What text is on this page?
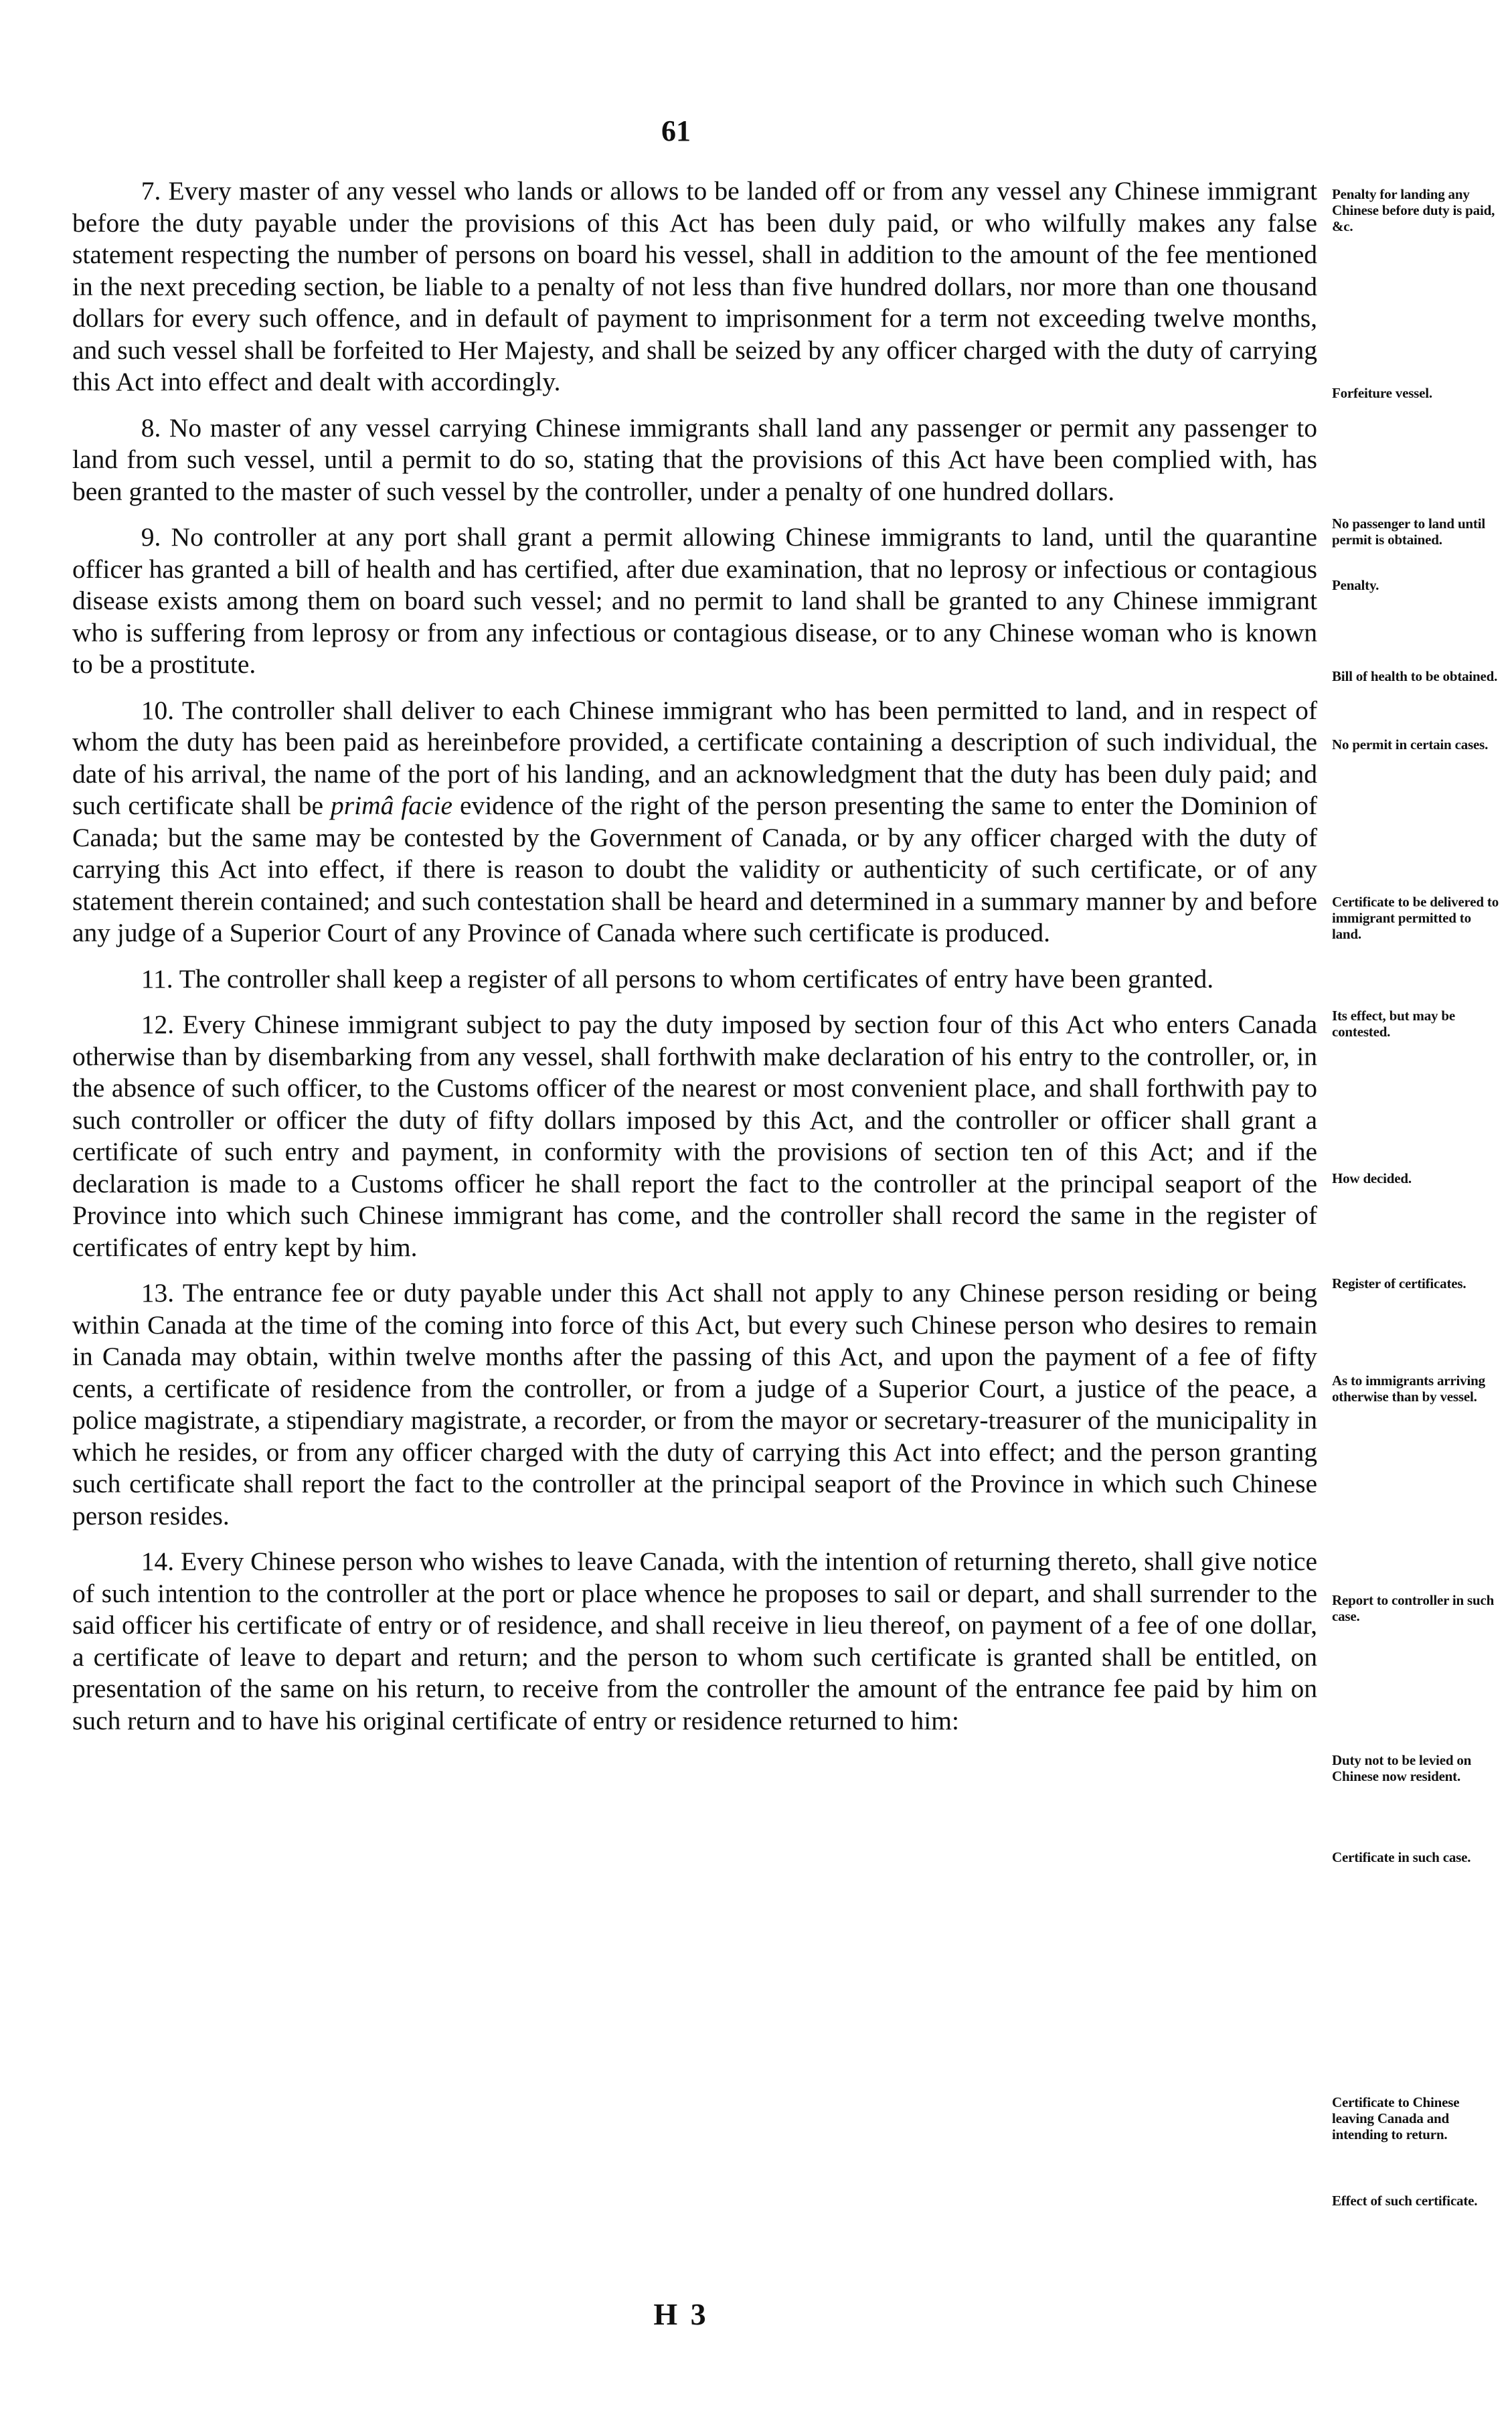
61

7. Every master of any vessel who lands or allows to be landed off or from any vessel any Chinese immigrant before the duty payable under the provisions of this Act has been duly paid, or who wilfully makes any false statement respecting the number of persons on board his vessel, shall in addition to the amount of the fee mentioned in the next preceding section, be liable to a penalty of not less than five hundred dollars, nor more than one thousand dollars for every such offence, and in default of payment to imprisonment for a term not exceeding twelve months, and such vessel shall be forfeited to Her Majesty, and shall be seized by any officer charged with the duty of carrying this Act into effect and dealt with accordingly.

8. No master of any vessel carrying Chinese immigrants shall land any passenger or permit any passenger to land from such vessel, until a permit to do so, stating that the provisions of this Act have been complied with, has been granted to the master of such vessel by the controller, under a penalty of one hundred dollars.

9. No controller at any port shall grant a permit allowing Chinese immigrants to land, until the quarantine officer has granted a bill of health and has certified, after due examination, that no leprosy or infectious or contagious disease exists among them on board such vessel; and no permit to land shall be granted to any Chinese immigrant who is suffering from leprosy or from any infectious or contagious disease, or to any Chinese woman who is known to be a prostitute.

10. The controller shall deliver to each Chinese immigrant who has been permitted to land, and in respect of whom the duty has been paid as hereinbefore provided, a certificate containing a description of such individual, the date of his arrival, the name of the port of his landing, and an acknowledgment that the duty has been duly paid; and such certificate shall be primâ facie evidence of the right of the person presenting the same to enter the Dominion of Canada; but the same may be contested by the Government of Canada, or by any officer charged with the duty of carrying this Act into effect, if there is reason to doubt the validity or authenticity of such certificate, or of any statement therein contained; and such contestation shall be heard and determined in a summary manner by and before any judge of a Superior Court of any Province of Canada where such certificate is produced.

11. The controller shall keep a register of all persons to whom certificates of entry have been granted.

12. Every Chinese immigrant subject to pay the duty imposed by section four of this Act who enters Canada otherwise than by disembarking from any vessel, shall forthwith make declaration of his entry to the controller, or, in the absence of such officer, to the Customs officer of the nearest or most convenient place, and shall forthwith pay to such controller or officer the duty of fifty dollars imposed by this Act, and the controller or officer shall grant a certificate of such entry and payment, in conformity with the provisions of section ten of this Act; and if the declaration is made to a Customs officer he shall report the fact to the controller at the principal seaport of the Province into which such Chinese immigrant has come, and the controller shall record the same in the register of certificates of entry kept by him.

13. The entrance fee or duty payable under this Act shall not apply to any Chinese person residing or being within Canada at the time of the coming into force of this Act, but every such Chinese person who desires to remain in Canada may obtain, within twelve months after the passing of this Act, and upon the payment of a fee of fifty cents, a certificate of residence from the controller, or from a judge of a Superior Court, a justice of the peace, a police magistrate, a stipendiary magistrate, a recorder, or from the mayor or secretary-treasurer of the municipality in which he resides, or from any officer charged with the duty of carrying this Act into effect; and the person granting such certificate shall report the fact to the controller at the principal seaport of the Province in which such Chinese person resides.

14. Every Chinese person who wishes to leave Canada, with the intention of returning thereto, shall give notice of such intention to the controller at the port or place whence he proposes to sail or depart, and shall surrender to the said officer his certificate of entry or of residence, and shall receive in lieu thereof, on payment of a fee of one dollar, a certificate of leave to depart and return; and the person to whom such certificate is granted shall be entitled, on presentation of the same on his return, to receive from the controller the amount of the entrance fee paid by him on such return and to have his original certificate of entry or residence returned to him:

Penalty for landing any Chinese before duty is paid, &c.
Forfeiture vessel.
No passenger to land until permit is obtained.
Penalty.
Bill of health to be obtained.
No permit in certain cases.
Certificate to be delivered to immigrant permitted to land.
Its effect, but may be contested.
How decided.
Register of certificates.
As to immigrants arriving otherwise than by vessel.
Report to controller in such case.
Duty not to be levied on Chinese now resident.
Certificate in such case.
Certificate to Chinese leaving Canada and intending to return.
Effect of such certificate.
H 3
